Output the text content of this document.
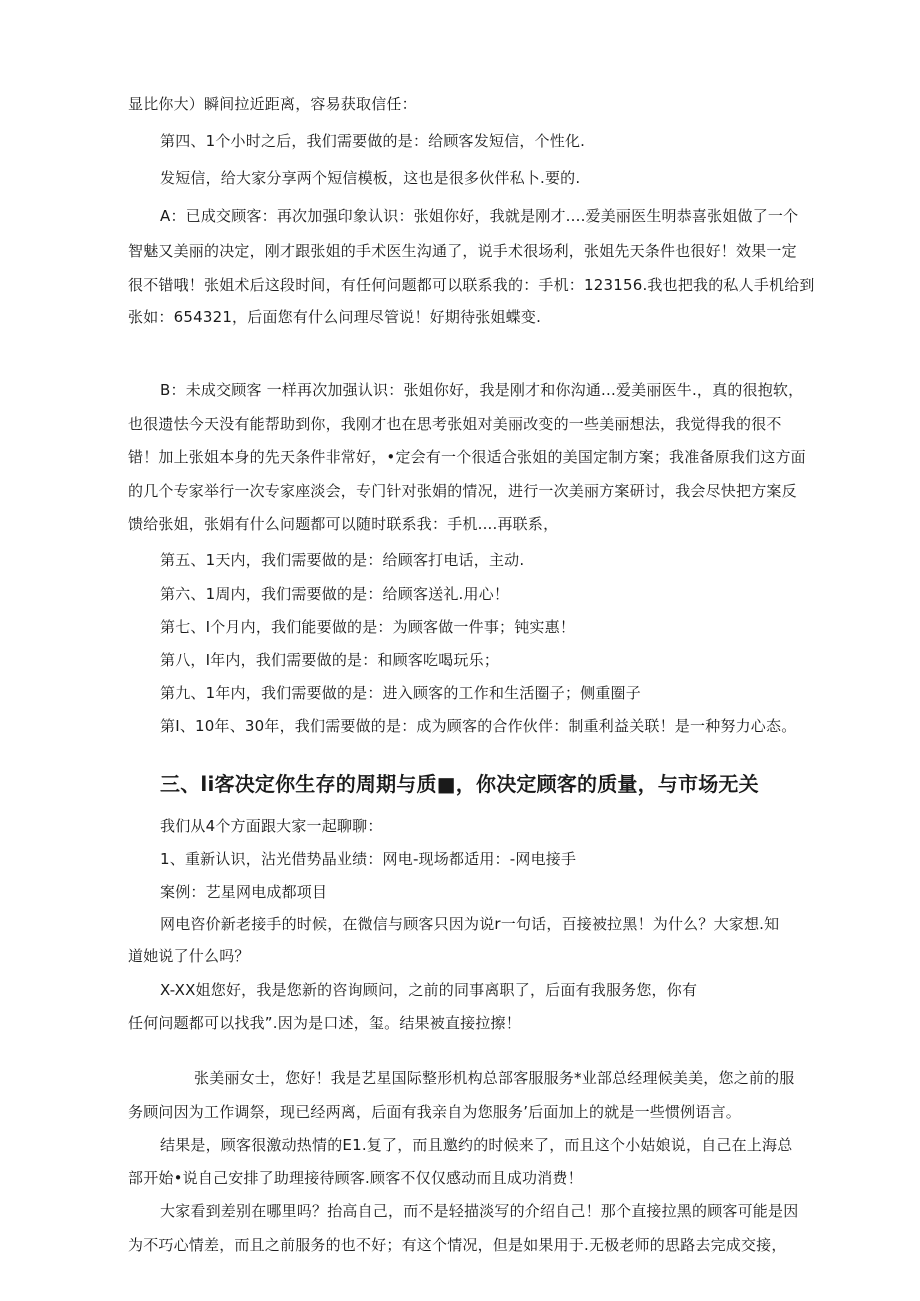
显比你大）瞬间拉近距离，容易获取信任：
第四、1个小时之后，我们需要做的是：给顾客发短信，个性化.
发短信，给大家分享两个短信模板，这也是很多伙伴私卜.要的.
A：已成交顾客：再次加强印象认识：张姐你好，我就是刚才....爱美丽医生明恭喜张姐做了一个
智魅又美丽的决定，刚才跟张姐的手术医生沟通了，说手术很场利，张姐先天条件也很好！效果一定
很不错哦！张姐术后这段时间，有任何问题都可以联系我的：手机：123156.我也把我的私人手机给到
张如：654321，后面您有什么问理尽管说！好期待张姐蝶变.
B：未成交顾客 一样再次加强认识：张姐你好，我是刚才和你沟通...爱美丽医牛.，真的很抱软，
也很遗怯今天没有能帮助到你，我刚才也在思考张姐对美丽改变的一些美丽想法，我觉得我的很不
错！加上张姐本身的先天条件非常好，•定会有一个很适合张姐的美国定制方案；我准备原我们这方面
的几个专家举行一次专家座淡会，专门针对张娟的情况，进行一次美丽方案研讨，我会尽快把方案反
馈给张姐，张娟有什么问题都可以随时联系我：手机....再联系，
第五、1天内，我们需要做的是：给顾客打电话，主动.
第六、1周内，我们需要做的是：给顾客送礼.用心！
第七、I个月内，我们能要做的是：为顾客做一件事；钝实惠！
第八，I年内，我们需要做的是：和顾客吃喝玩乐；
第九、1年内，我们需要做的是：进入顾客的工作和生活圈子；侧重圈子
第I、10年、30年，我们需要做的是：成为顾客的合作伙伴：制重利益关联！是一种努力心态。
三、li客决定你生存的周期与质■，你决定顾客的质量，与市场无关
我们从4个方面跟大家一起聊聊：
1、重新认识，沾光借势晶业绩：网电-现场都适用：-网电接手
案例：艺星网电成都项目
网电咨价新老接手的时候，在微信与顾客只因为说r一句话，百接被拉黑！为什么？大家想.知
道她说了什么吗？
X-XX姐您好，我是您新的咨询顾问，之前的同事离职了，后面有我服务您，你有
任何问题都可以找我”.因为是口述，玺。结果被直接拉擦！
张美丽女士，您好！我是艺星国际整形机构总部客服服务*业部总经理候美美，您之前的服
务顾问因为工作调祭，现已经两离，后面有我亲自为您服务’后面加上的就是一些惯例语言。
结果是，顾客很激动热情的E1.复了，而且邀约的时候来了，而且这个小姑娘说，自己在上海总
部开始•说自己安排了助理接待顾客.顾客不仅仅感动而且成功消费！
大家看到差别在哪里吗？抬高自己，而不是轻描淡写的介绍自己！那个直接拉黑的顾客可能是因
为不巧心情差，而且之前服务的也不好；有这个情况，但是如果用于.无极老师的思路去完成交接，
